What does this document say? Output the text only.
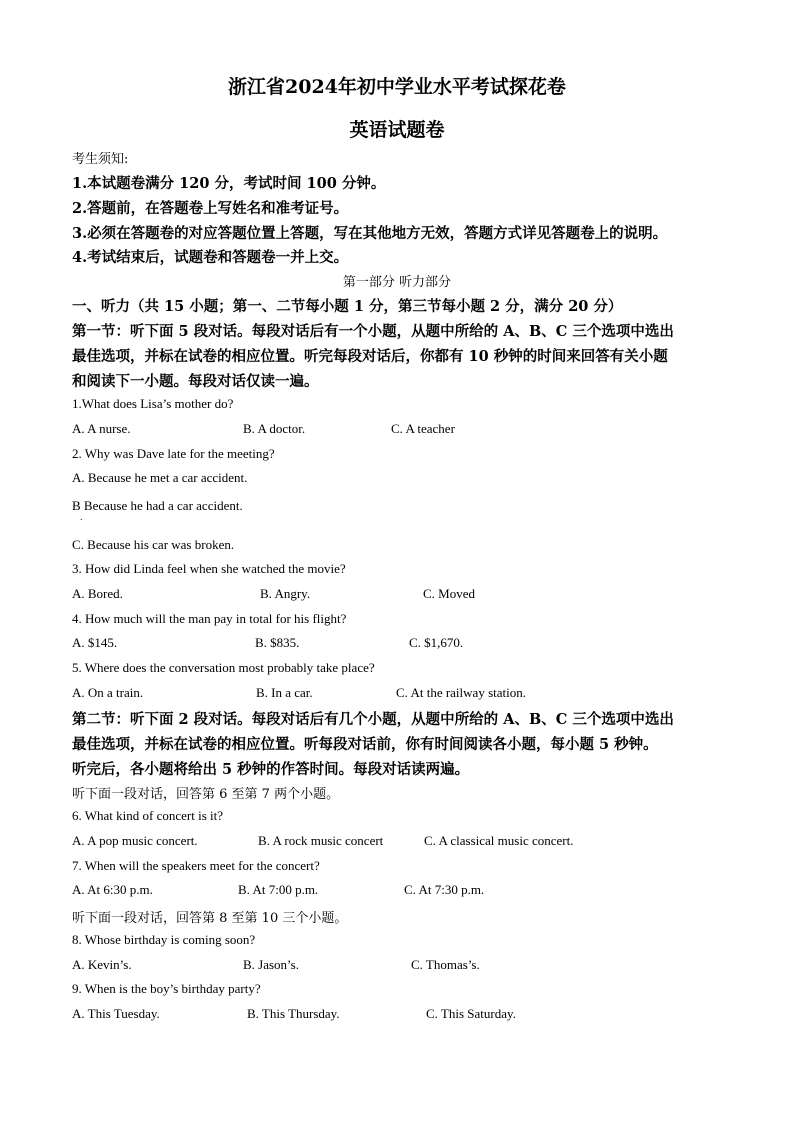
浙江省2024年初中学业水平考试探花卷
英语试题卷
考生须知:
1.本试题卷满分 120 分，考试时间 100 分钟。
2.答题前，在答题卷上写姓名和准考证号。
3.必须在答题卷的对应答题位置上答题，写在其他地方无效，答题方式详见答题卷上的说明。
4.考试结束后，试题卷和答题卷一并上交。
第一部分 听力部分
一、听力（共 15 小题；第一、二节每小题 1 分，第三节每小题 2 分，满分 20 分）
第一节：听下面 5 段对话。每段对话后有一个小题，从题中所给的 A、B、C 三个选项中选出
最佳选项，并标在试卷的相应位置。听完每段对话后，你都有 10 秒钟的时间来回答有关小题
和阅读下一小题。每段对话仅读一遍。
1.What does Lisa’s mother do?
A. A nurse.	B. A doctor.	C. A teacher
2. Why was Dave late for the meeting?
A. Because he met a car accident.
B Because he had a car accident.
.
C. Because his car was broken.
3. How did Linda feel when she watched the movie?
A. Bored.	B. Angry.	C. Moved
4. How much will the man pay in total for his flight?
A. $145.	B. $835.	C. $1,670.
5. Where does the conversation most probably take place?
A. On a train.	B. In a car.	C. At the railway station.
第二节：听下面 2 段对话。每段对话后有几个小题，从题中所给的 A、B、C 三个选项中选出
最佳选项，并标在试卷的相应位置。听每段对话前，你有时间阅读各小题，每小题 5 秒钟。
听完后，各小题将给出 5 秒钟的作答时间。每段对话读两遍。
听下面一段对话，回答第 6 至第 7 两个小题。
6. What kind of concert is it?
A. A pop music concert.	B. A rock music concert	C. A classical music concert.
7. When will the speakers meet for the concert?
A. At 6:30 p.m.	B. At 7:00 p.m.	C. At 7:30 p.m.
听下面一段对话，回答第 8 至第 10 三个小题。
8. Whose birthday is coming soon?
A. Kevin’s.	B. Jason’s.	C. Thomas’s.
9. When is the boy’s birthday party?
A. This Tuesday.	B. This Thursday.	C. This Saturday.
